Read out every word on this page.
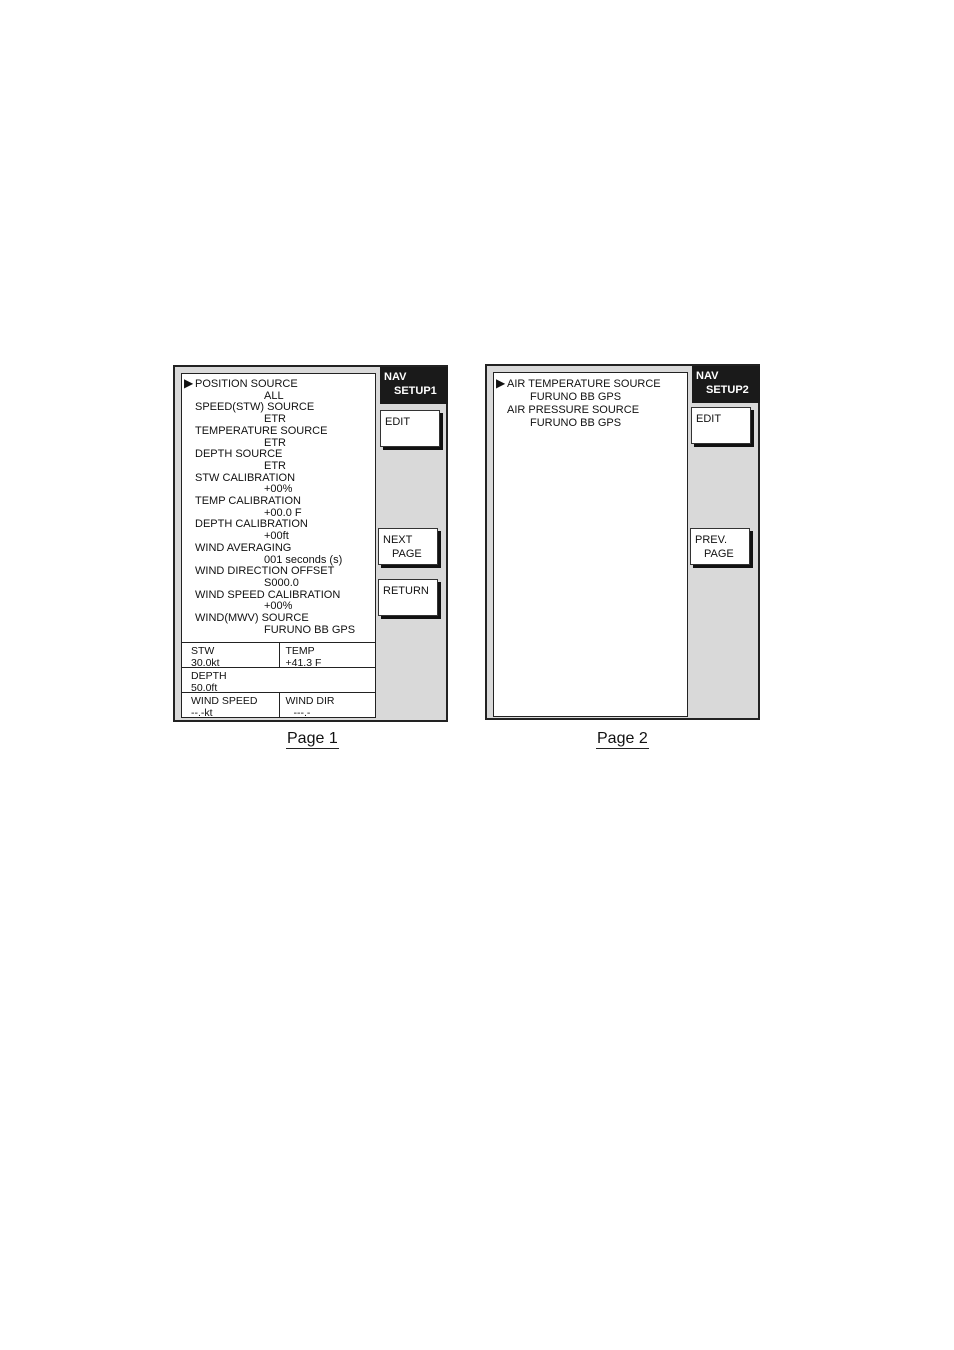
▶ POSITION SOURCE
ALL
SPEED(STW) SOURCE
ETR
TEMPERATURE SOURCE
ETR
DEPTH SOURCE
ETR
STW CALIBRATION
+00%
TEMP CALIBRATION
+00.0 F
DEPTH CALIBRATION
+00ft
WIND AVERAGING
001 seconds (s)
WIND DIRECTION OFFSET
S000.0
WIND SPEED CALIBRATION
+00%
WIND(MWV) SOURCE
FURUNO BB GPS
STW
30.0kt
TEMP
+41.3 F
DEPTH
50.0ft
WIND SPEED
--.-kt
WIND DIR
---.-
NAV
SETUP1
EDIT
NEXT
PAGE
RETURN
Page 1
▶ AIR TEMPERATURE SOURCE
FURUNO BB GPS
AIR PRESSURE SOURCE
FURUNO BB GPS
NAV
SETUP2
EDIT
PREV.
PAGE
Page 2
